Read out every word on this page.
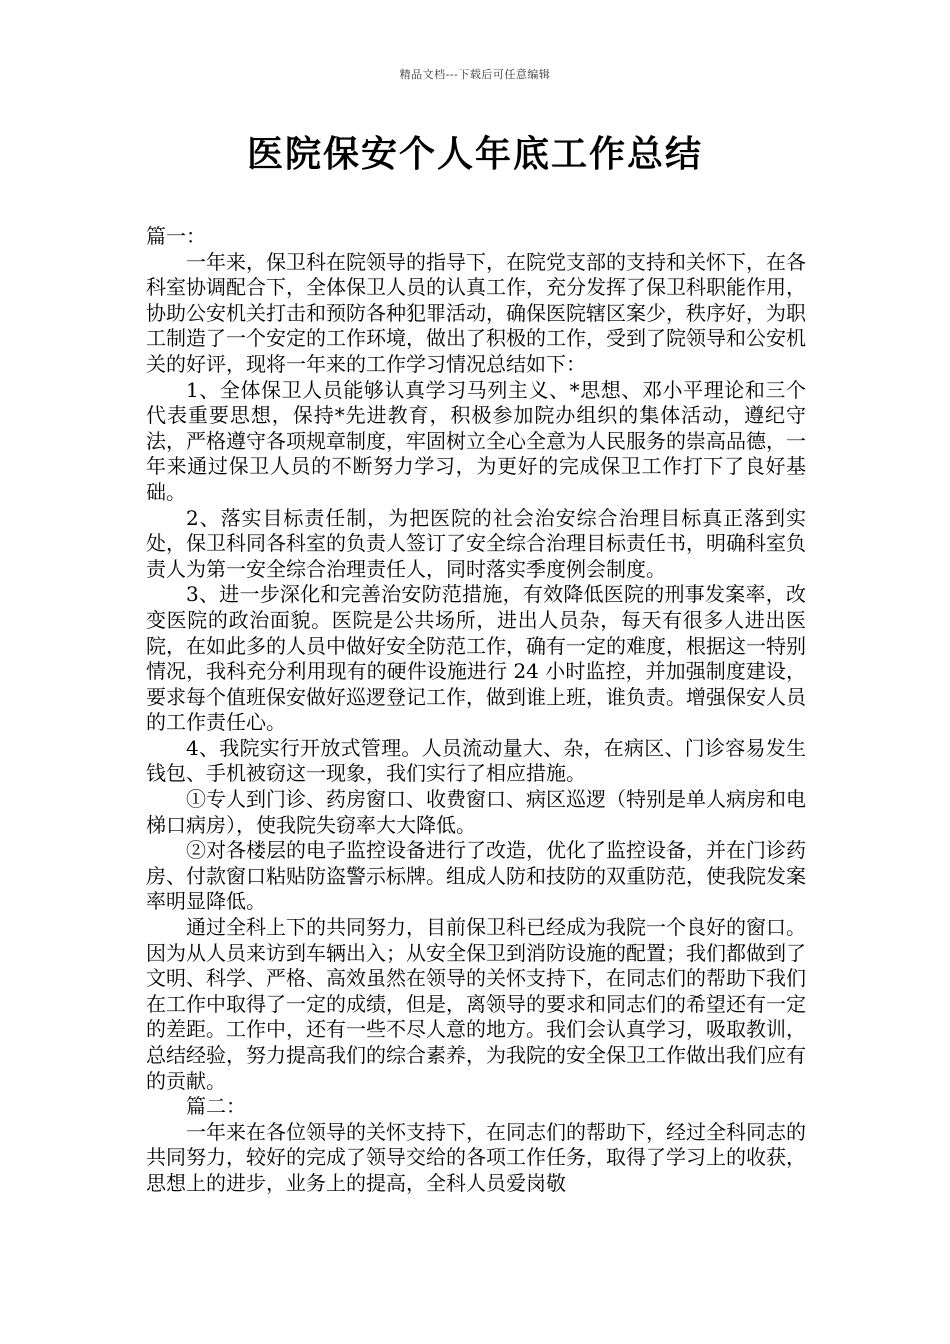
精品文档---下载后可任意编辑
医院保安个人年底工作总结

篇一：

一年来，保卫科在院领导的指导下，在院党支部的支持和关怀下，在各科室协调配合下，全体保卫人员的认真工作，充分发挥了保卫科职能作用，协助公安机关打击和预防各种犯罪活动，确保医院辖区案少，秩序好，为职工制造了一个安定的工作环境，做出了积极的工作，受到了院领导和公安机关的好评，现将一年来的工作学习情况总结如下：

1、全体保卫人员能够认真学习马列主义、*思想、邓小平理论和三个代表重要思想，保持*先进教育，积极参加院办组织的集体活动，遵纪守法，严格遵守各项规章制度，牢固树立全心全意为人民服务的崇高品德，一年来通过保卫人员的不断努力学习，为更好的完成保卫工作打下了良好基础。

2、落实目标责任制，为把医院的社会治安综合治理目标真正落到实处，保卫科同各科室的负责人签订了安全综合治理目标责任书，明确科室负责人为第一安全综合治理责任人，同时落实季度例会制度。

3、进一步深化和完善治安防范措施，有效降低医院的刑事发案率，改变医院的政治面貌。医院是公共场所，进出人员杂，每天有很多人进出医院，在如此多的人员中做好安全防范工作，确有一定的难度，根据这一特别情况，我科充分利用现有的硬件设施进行 24 小时监控，并加强制度建设，要求每个值班保安做好巡逻登记工作，做到谁上班，谁负责。增强保安人员的工作责任心。

4、我院实行开放式管理。人员流动量大、杂，在病区、门诊容易发生钱包、手机被窃这一现象，我们实行了相应措施。

①专人到门诊、药房窗口、收费窗口、病区巡逻（特别是单人病房和电梯口病房），使我院失窃率大大降低。

②对各楼层的电子监控设备进行了改造，优化了监控设备，并在门诊药房、付款窗口粘贴防盗警示标牌。组成人防和技防的双重防范，使我院发案率明显降低。

通过全科上下的共同努力，目前保卫科已经成为我院一个良好的窗口。因为从人员来访到车辆出入；从安全保卫到消防设施的配置；我们都做到了文明、科学、严格、高效虽然在领导的关怀支持下，在同志们的帮助下我们在工作中取得了一定的成绩，但是，离领导的要求和同志们的希望还有一定的差距。工作中，还有一些不尽人意的地方。我们会认真学习，吸取教训，总结经验，努力提高我们的综合素养，为我院的安全保卫工作做出我们应有的贡献。

篇二：

一年来在各位领导的关怀支持下，在同志们的帮助下，经过全科同志的共同努力，较好的完成了领导交给的各项工作任务，取得了学习上的收获，思想上的进步，业务上的提高，全科人员爱岗敬
